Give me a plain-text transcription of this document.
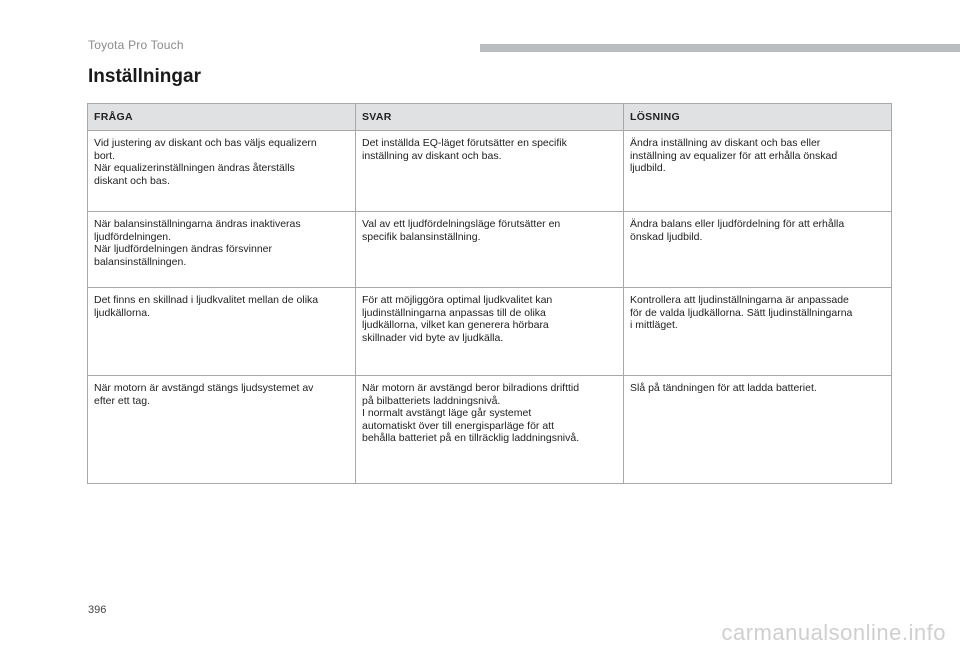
Toyota Pro Touch
Inställningar
FRÅGA	SVAR	LÖSNING

Vid justering av diskant och bas väljs equalizern
bort.
När equalizerinställningen ändras återställs
diskant och bas.	Det inställda EQ-läget förutsätter en specifik
inställning av diskant och bas.	Ändra inställning av diskant och bas eller
inställning av equalizer för att erhålla önskad
ljudbild.

När balansinställningarna ändras inaktiveras
ljudfördelningen.
När ljudfördelningen ändras försvinner
balansinställningen.	Val av ett ljudfördelningsläge förutsätter en
specifik balansinställning.	Ändra balans eller ljudfördelning för att erhålla
önskad ljudbild.

Det finns en skillnad i ljudkvalitet mellan de olika
ljudkällorna.	För att möjliggöra optimal ljudkvalitet kan
ljudinställningarna anpassas till de olika
ljudkällorna, vilket kan generera hörbara
skillnader vid byte av ljudkälla.	Kontrollera att ljudinställningarna är anpassade
för de valda ljudkällorna. Sätt ljudinställningarna
i mittläget.

När motorn är avstängd stängs ljudsystemet av
efter ett tag.	När motorn är avstängd beror bilradions drifttid
på bilbatteriets laddningsnivå.
I normalt avstängt läge går systemet
automatiskt över till energisparläge för att
behålla batteriet på en tillräcklig laddningsnivå.	Slå på tändningen för att ladda batteriet.
396
carmanualsonline.info
